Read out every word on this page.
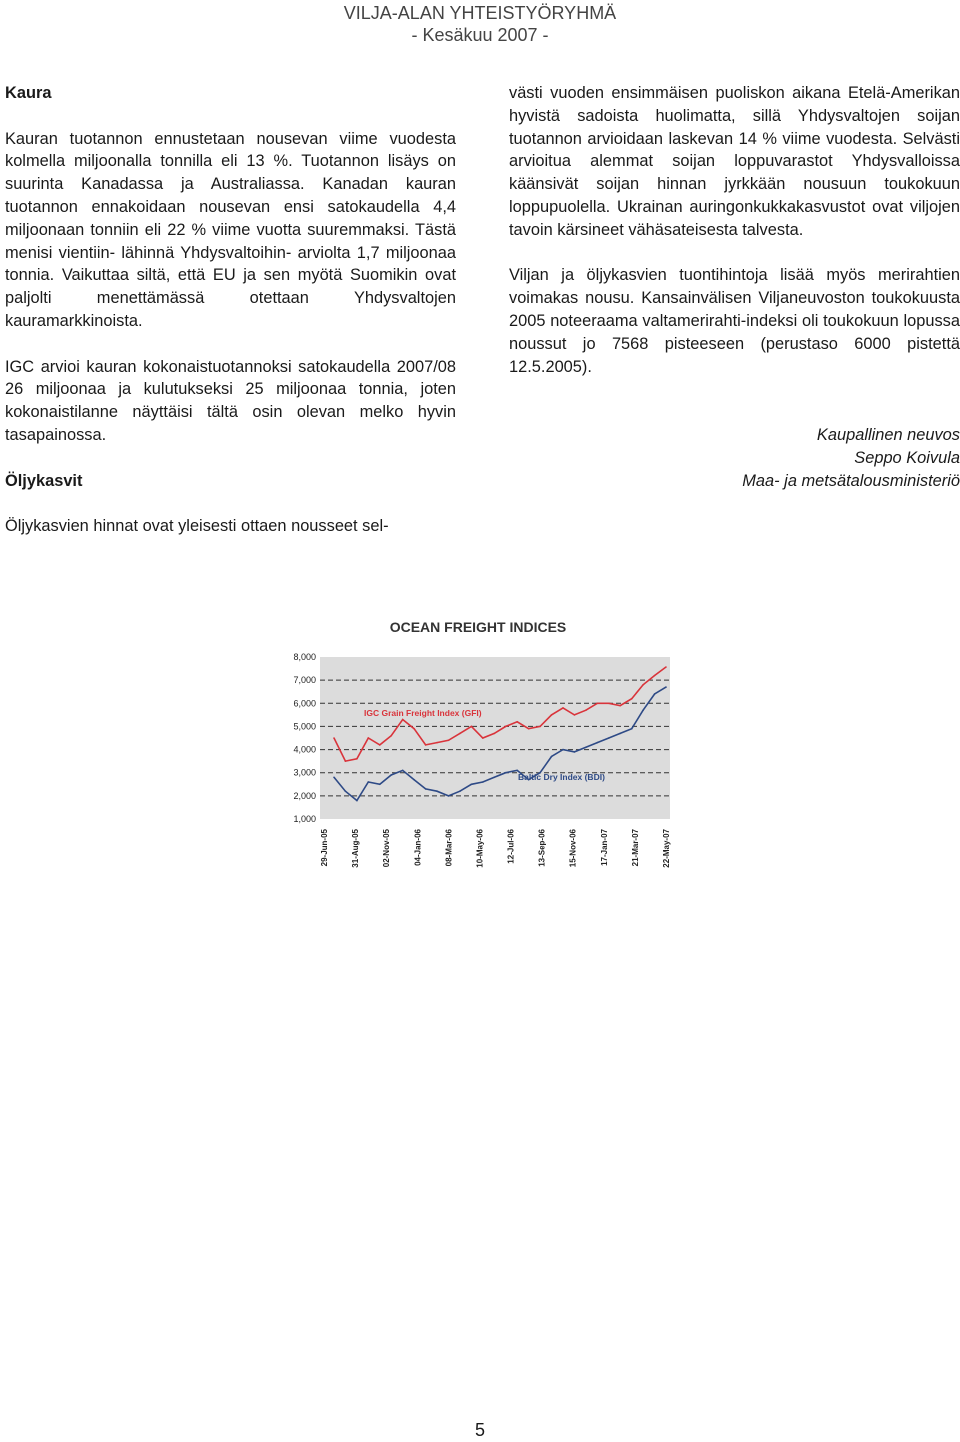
VILJA-ALAN YHTEISTYÖRYHMÄ
- Kesäkuu 2007 -
Kaura

Kauran tuotannon ennustetaan nousevan viime vuodesta kolmella miljoonalla tonnilla eli 13 %. Tuotannon lisäys on suurinta Kanadassa ja Australiassa. Kanadan kauran tuotannon ennakoidaan nousevan ensi satokaudella 4,4 miljoonaan tonniin eli 22 % viime vuotta suuremmaksi. Tästä menisi vientiin- lähinnä Yhdysvaltoihin- arviolta 1,7 miljoonaa tonnia. Vaikuttaa siltä, että EU ja sen myötä Suomikin ovat paljolti menettämässä otettaan Yhdysvaltojen kauramarkkinoista.

IGC arvioi kauran kokonaistuotannoksi satokaudella 2007/08 26 miljoonaa ja kulutukseksi 25 miljoonaa tonnia, joten kokonaistilanne näyttäisi tältä osin olevan melko hyvin tasapainossa.

Öljykasvit

Öljykasvien hinnat ovat yleisesti ottaen nousseet sel-

västi vuoden ensimmäisen puoliskon aikana Etelä-Amerikan hyvistä sadoista huolimatta, sillä Yhdysvaltojen soijan tuotannon arvioidaan laskevan 14 % viime vuodesta. Selvästi arvioitua alemmat soijan loppuvarastot Yhdysvalloissa käänsivät soijan hinnan jyrkkään nousuun toukokuun loppupuolella. Ukrainan auringonkukkakasvustot ovat viljojen tavoin kärsineet vähäsateisesta talvesta.

Viljan ja öljykasvien tuontihintoja lisää myös merirahtien voimakas nousu. Kansainvälisen Viljaneuvoston toukokuusta 2005 noteeraama valtamerirahti-indeksi oli toukokuun lopussa noussut jo 7568 pisteeseen (perustaso 6000 pistettä 12.5.2005).

Kaupallinen neuvos
Seppo Koivula
Maa- ja metsätalousministeriö
OCEAN FREIGHT INDICES
8,000
7,000
6,000
5,000
4,000
3,000
2,000
1,000
29-Jun-05	31-Aug-05	02-Nov-05	04-Jan-06	08-Mar-06	10-May-06	12-Jul-06	13-Sep-06	15-Nov-06	17-Jan-07	21-Mar-07	22-May-07
IGC Grain Freight Index (GFI)
Baltic Dry Index (BDI)
5
